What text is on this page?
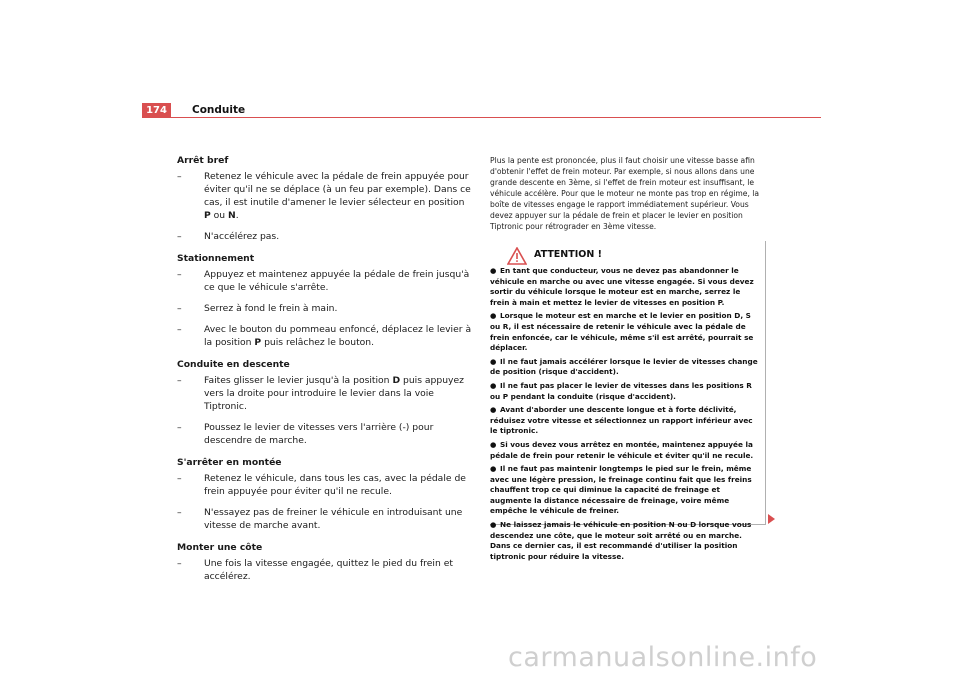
174	Conduite
Arrêt bref
– Retenez le véhicule avec la pédale de frein appuyée pour éviter qu'il ne se déplace (à un feu par exemple). Dans ce cas, il est inutile d'amener le levier sélecteur en position P ou N.
– N'accélérez pas.
Stationnement
– Appuyez et maintenez appuyée la pédale de frein jusqu'à ce que le véhicule s'arrête.
– Serrez à fond le frein à main.
– Avec le bouton du pommeau enfoncé, déplacez le levier à la position P puis relâchez le bouton.
Conduite en descente
– Faites glisser le levier jusqu'à la position D puis appuyez vers la droite pour introduire le levier dans la voie Tiptronic.
– Poussez le levier de vitesses vers l'arrière (-) pour descendre de marche.
S'arrêter en montée
– Retenez le véhicule, dans tous les cas, avec la pédale de frein appuyée pour éviter qu'il ne recule.
– N'essayez pas de freiner le véhicule en introduisant une vitesse de marche avant.
Monter une côte
– Une fois la vitesse engagée, quittez le pied du frein et accélérez.
Plus la pente est prononcée, plus il faut choisir une vitesse basse afin d'obtenir l'effet de frein moteur. Par exemple, si nous allons dans une grande descente en 3ème, si l'effet de frein moteur est insuffisant, le véhicule accélère. Pour que le moteur ne monte pas trop en régime, la boîte de vitesses engage le rapport immédiatement supérieur. Vous devez appuyer sur la pédale de frein et placer le levier en position Tiptronic pour rétrograder en 3ème vitesse.
ATTENTION !
● En tant que conducteur, vous ne devez pas abandonner le véhicule en marche ou avec une vitesse engagée. Si vous devez sortir du véhicule lorsque le moteur est en marche, serrez le frein à main et mettez le levier de vitesses en position P.
● Lorsque le moteur est en marche et le levier en position D, S ou R, il est nécessaire de retenir le véhicule avec la pédale de frein enfoncée, car le véhicule, même s'il est arrêté, pourrait se déplacer.
● Il ne faut jamais accélérer lorsque le levier de vitesses change de position (risque d'accident).
● Il ne faut pas placer le levier de vitesses dans les positions R ou P pendant la conduite (risque d'accident).
● Avant d'aborder une descente longue et à forte déclivité, réduisez votre vitesse et sélectionnez un rapport inférieur avec le tiptronic.
● Si vous devez vous arrêtez en montée, maintenez appuyée la pédale de frein pour retenir le véhicule et éviter qu'il ne recule.
● Il ne faut pas maintenir longtemps le pied sur le frein, même avec une légère pression, le freinage continu fait que les freins chauffent trop ce qui diminue la capacité de freinage et augmente la distance nécessaire de freinage, voire même empêche le véhicule de freiner.
● Ne laissez jamais le véhicule en position N ou D lorsque vous descendez une côte, que le moteur soit arrêté ou en marche. Dans ce dernier cas, il est recommandé d'utiliser la position tiptronic pour réduire la vitesse.
carmanualsonline.info
